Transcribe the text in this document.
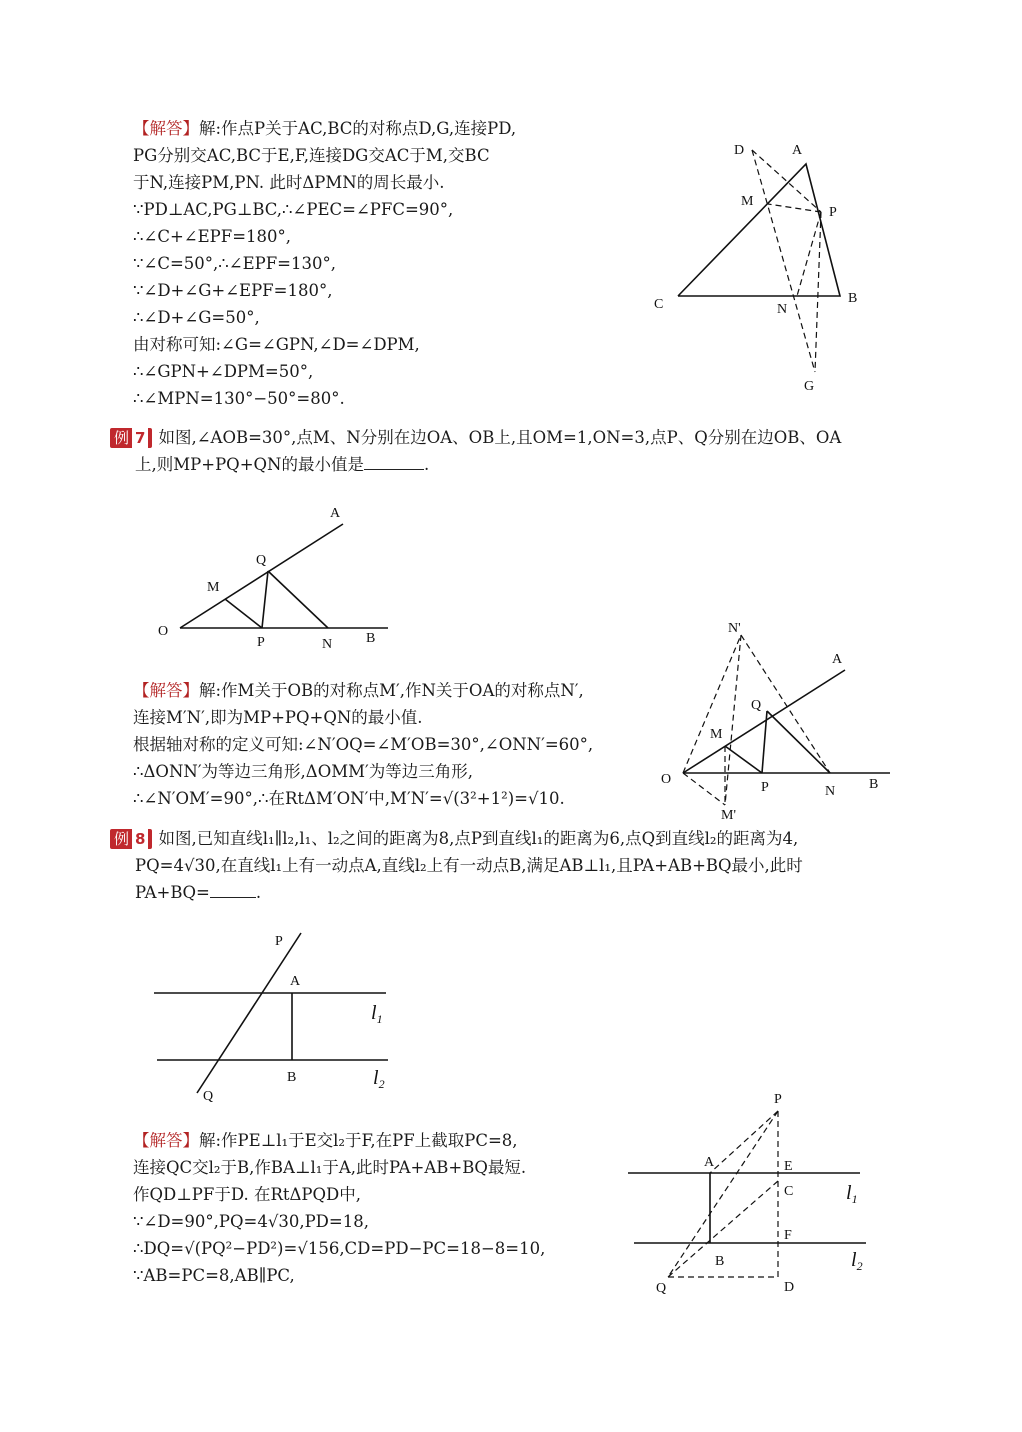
【解答】解:作点P关于AC,BC的对称点D,G,连接PD,
PG分别交AC,BC于E,F,连接DG交AC于M,交BC
于N,连接PM,PN. 此时ΔPMN的周长最小.
∵PD⊥AC,PG⊥BC,∴∠PEC=∠PFC=90°,
∴∠C+∠EPF=180°,
∵∠C=50°,∴∠EPF=130°,
∵∠D+∠G+∠EPF=180°,
∴∠D+∠G=50°,
由对称可知:∠G=∠GPN,∠D=∠DPM,
∴∠GPN+∠DPM=50°,
∴∠MPN=130°−50°=80°.
D	A
M
P
C	N
B
G
例 7 如图,∠AOB=30°,点M、N分别在边OA、OB上,且OM=1,ON=3,点P、Q分别在边OB、OA
上,则MP+PQ+QN的最小值是	.
A
Q
M
O
P	N B
【解答】解:作M关于OB的对称点M′,作N关于OA的对称点N′,
连接M′N′,即为MP+PQ+QN的最小值.
根据轴对称的定义可知:∠N′OQ=∠M′OB=30°,∠ONN′=60°,
∴ΔONN′为等边三角形,ΔOMM′为等边三角形,
∴∠N′OM′=90°,∴在RtΔM′ON′中,M′N′=√(3²+1²)=√10.
N'
A
Q
M
O
P	N B
M'
例 8 如图,已知直线l₁∥l₂,l₁、l₂之间的距离为8,点P到直线l₁的距离为6,点Q到直线l₂的距离为4,
PQ=4√30,在直线l₁上有一动点A,直线l₂上有一动点B,满足AB⊥l₁,且PA+AB+BQ最小,此时
PA+BQ=	.
P
A
B
Q
$l_1$
$l_2$
【解答】解:作PE⊥l₁于E交l₂于F,在PF上截取PC=8,
连接QC交l₂于B,作BA⊥l₁于A,此时PA+AB+BQ最短.
作QD⊥PF于D. 在RtΔPQD中,
∵∠D=90°,PQ=4√30,PD=18,
∴DQ=√(PQ²−PD²)=√156,CD=PD−PC=18−8=10,
∵AB=PC=8,AB∥PC,
P
A	E
C
F
B
Q	D
$l_1$
$l_2$
